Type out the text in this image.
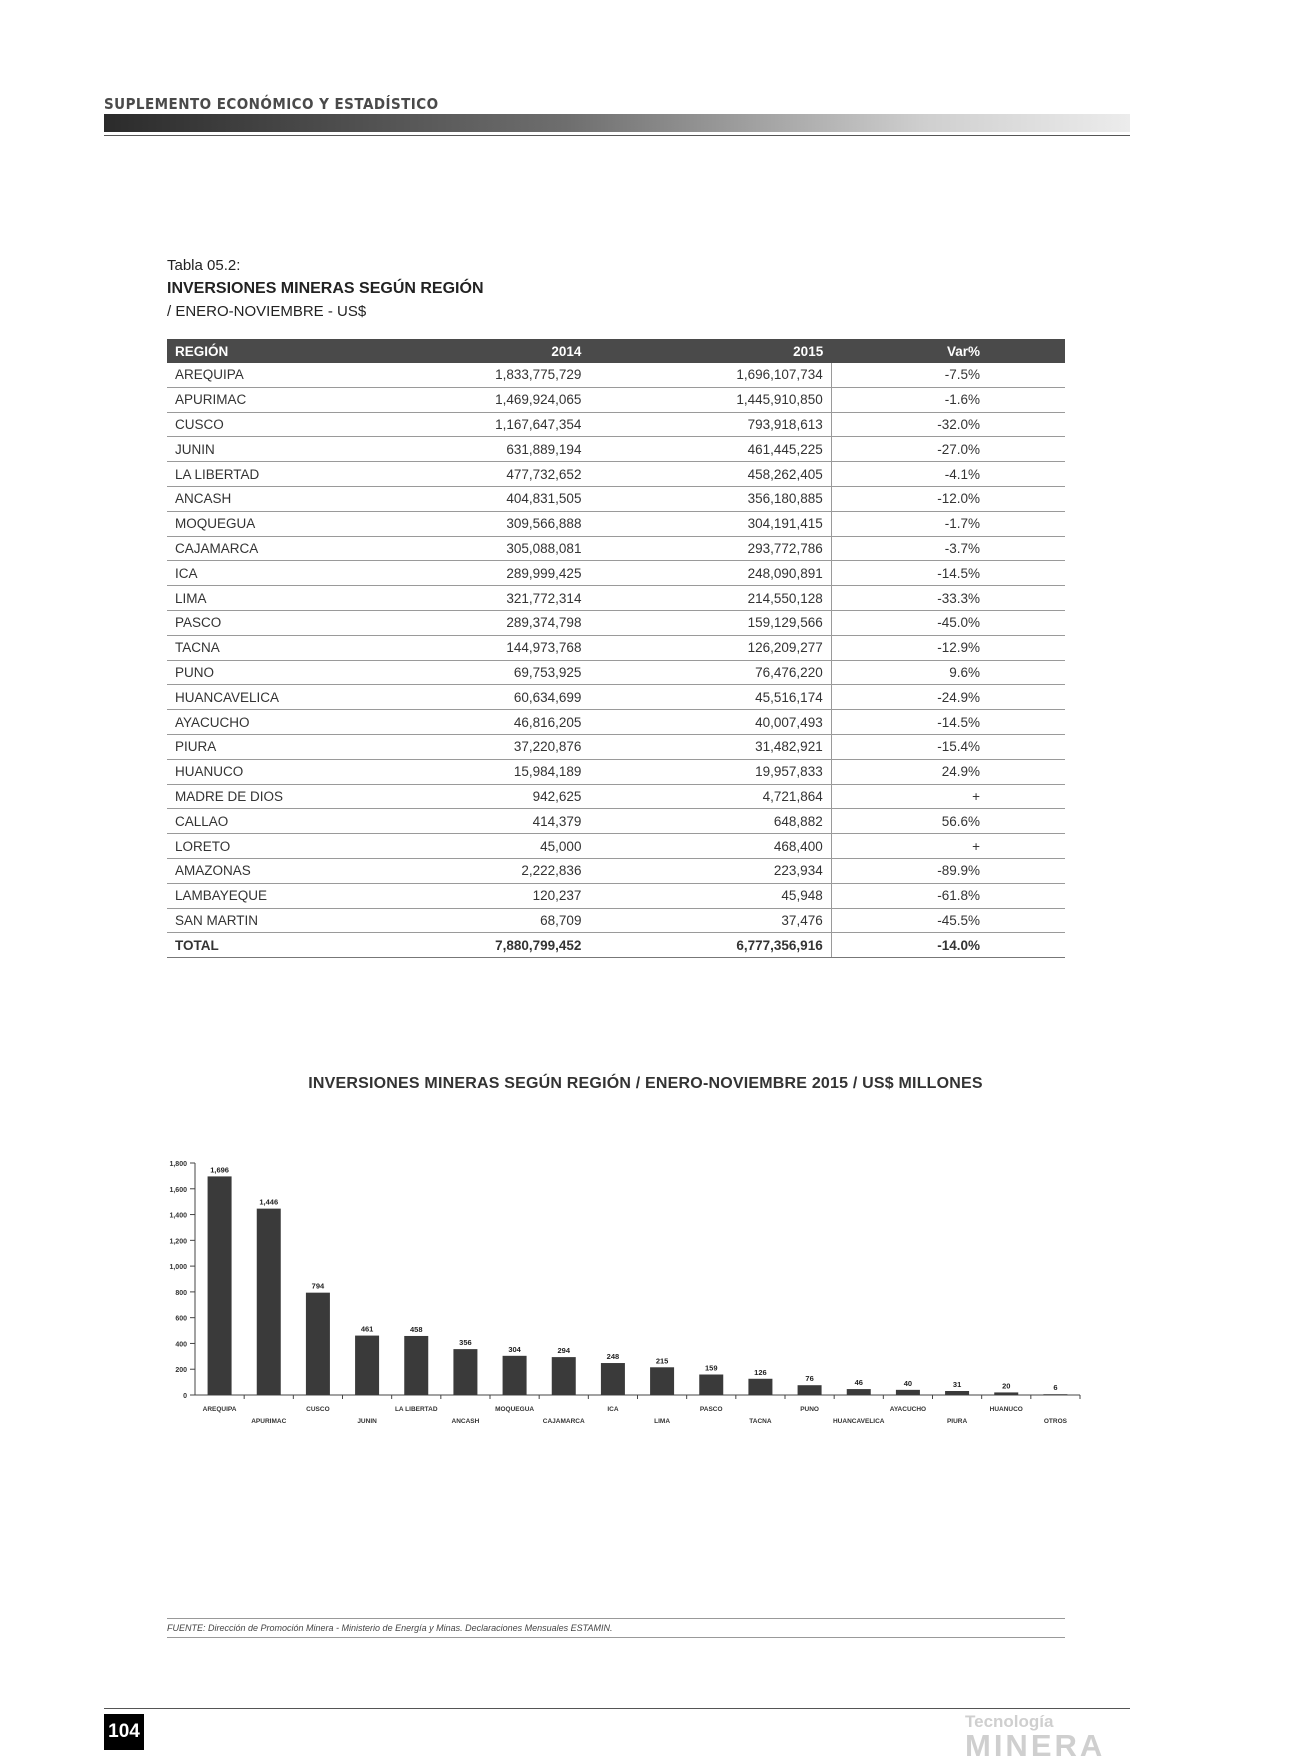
SUPLEMENTO ECONÓMICO Y ESTADÍSTICO
Tabla 05.2:
INVERSIONES MINERAS SEGÚN REGIÓN
/ ENERO-NOVIEMBRE - US$
REGIÓN	2014	2015	Var%
AREQUIPA	1,833,775,729	1,696,107,734	-7.5%
APURIMAC	1,469,924,065	1,445,910,850	-1.6%
CUSCO	1,167,647,354	793,918,613	-32.0%
JUNIN	631,889,194	461,445,225	-27.0%
LA LIBERTAD	477,732,652	458,262,405	-4.1%
ANCASH	404,831,505	356,180,885	-12.0%
MOQUEGUA	309,566,888	304,191,415	-1.7%
CAJAMARCA	305,088,081	293,772,786	-3.7%
ICA	289,999,425	248,090,891	-14.5%
LIMA	321,772,314	214,550,128	-33.3%
PASCO	289,374,798	159,129,566	-45.0%
TACNA	144,973,768	126,209,277	-12.9%
PUNO	69,753,925	76,476,220	9.6%
HUANCAVELICA	60,634,699	45,516,174	-24.9%
AYACUCHO	46,816,205	40,007,493	-14.5%
PIURA	37,220,876	31,482,921	-15.4%
HUANUCO	15,984,189	19,957,833	24.9%
MADRE DE DIOS	942,625	4,721,864	+
CALLAO	414,379	648,882	56.6%
LORETO	45,000	468,400	+
AMAZONAS	2,222,836	223,934	-89.9%
LAMBAYEQUE	120,237	45,948	-61.8%
SAN MARTIN	68,709	37,476	-45.5%
TOTAL	7,880,799,452	6,777,356,916	-14.0%
INVERSIONES MINERAS SEGÚN REGIÓN / ENERO-NOVIEMBRE 2015 / US$ MILLONES
0
200
400
600
800
1,000
1,200
1,400
1,600
1,800
1,696
AREQUIPA
1,446
APURIMAC
794
CUSCO
461
JUNIN
458
LA LIBERTAD
356
ANCASH
304
MOQUEGUA
294
CAJAMARCA
248
ICA
215
LIMA
159
PASCO
126
TACNA
76
PUNO
46
HUANCAVELICA
40
AYACUCHO
31
PIURA
20
HUANUCO
6
OTROS
FUENTE: Dirección de Promoción Minera - Ministerio de Energía y Minas. Declaraciones Mensuales ESTAMIN.
104	Tecnología
MINERA
